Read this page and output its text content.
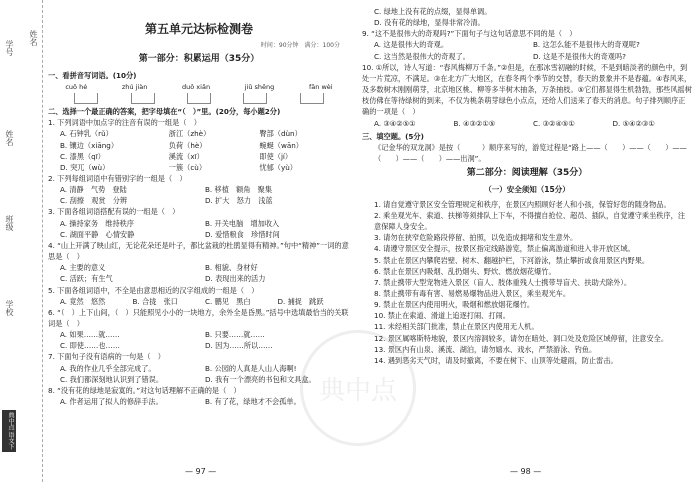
学号
姓名
班级
学校
姓名
典中点 语文下
典中点
第五单元达标检测卷
时间：90分钟　满分：100分
第一部分：积累运用（35分）
一、看拼音写词语。(10分)
cuō hé	zhú jiàn	duǒ xiǎn	jiǔ shēng	fān wèi
二、选择一个最正确的答案，把字母填在“（　）”里。(20分，每小题2分)
1. 下列词语中加点字的注音有误的一组是（　）
A. 石钟乳（rǔ）	浙江（zhè）	臀部（dùn）
B. 镶边（xiāng）	负荷（hè）	蜿蜒（wān）
C. 漆黑（qī）	溪流（xī）	即使（jí）
D. 突兀（wù）	一簇（cù）	忧郁（yù）
2. 下列每组词语中有错别字的一组是（　）
A. 清静　气势　登陆	B. 移植　额角　聚集
C. 刮擦　观赏　分辨	D. 扩大　怒力　浅蓝
3. 下面各组词语搭配有误的一组是（　）
A. 操持家务　维持秩序	B. 开关电脑　增加收入
C. 湖面平静　心情安静	D. 爱惜粮食　珍惜时间
4. “山上开满了映山红，无论花朵还是叶子，都比盆栽的杜鹃显得有精神。”句中“精神”一词的意思是（　）
A. 主要的意义	B. 相貌、身材好
C. 活跃；有生气	D. 表现出来的活力
5. 下面各组词语中，不全是由意思相近的汉字组成的一组是（　）
A. 竟然　悠然	B. 合拢　张口	C. 鹏见　黑白	D. 捕捉　跳跃
6. “（　）上下山间，（　）只能照见小小的一块地方，余外全是昏黑。”括号中选填最恰当的关联词是（　）
A. 如果……就……	B. 只要……就……
C. 即使……也……	D. 因为……所以……
7. 下面句子没有语病的一句是（　）
A. 我的作业几乎全部完成了。	B. 公园的人真是人山人海啊!
C. 我们都深刻地认识到了错误。	D. 我有一个漂亮的书包和文具盒。
8. “没有花的绿地是寂寞的。”对这句话理解不正确的是（　）
A. 作者运用了拟人的修辞手法。	B. 有了花，绿地才不会孤单。
— 97 —
C. 绿地上没有花的点缀，显得单调。
D. 没有花的绿地，显得非常冷清。
9. “这不是很伟大的奇观吗?”下面句子与这句话意思不同的是（　）
A. 这是很伟大的奇观。	B. 这怎么能不是很伟大的奇观呢?
C. 这当然是很伟大的奇观了。	D. 这是不是很伟大的奇观吗?
10. ①所以，诗人写道：“春风梅柳万千条。”②但是，在那冰雪初融的时候，不是到暗淡者的颜色中，到处一片荒凉，不满足。③在北方广大地区，在春冬两个季节的交替，春天的景象并不是春蕴。④春风来，及多数树木刚刚萌芽，北京地区桃、柳等多半树木抽条，万条抽枝。⑤它们都显得生机勃勃，那些风摇树枝仿佛在等待绿树的到来，不仅为桃条萌芽绿色小点点，还给人们送来了春天的消息。句子排列顺序正确的一项是（　）
A. ③④②⑤①	B. ④③②①⑤	C. ③②④⑤①	D. ⑤④②③①
三、填空题。(5分)
《记金华的双龙洞》是按（　　　）顺序来写的，游览过程是“路上——（　　）——（　　）——（　　）——（　　）——出洞”。
第二部分：阅读理解（35分）
（一）安全须知（15分）
1. 请自觉遵守景区安全管理规定和秩序，在景区内照顾好老人和小孩，保管好您的随身物品。
2. 乘坐观光车、索道、扶梯等须排队上下车，不得擅自抢位、超员、插队，自觉遵守乘坐秩序，注意保障人身安全。
3. 请勿在狭窄危险路段停留、拍照，以免造成拥堵和发生意外。
4. 请遵守景区安全提示，按景区指定线路游览，禁止偏离游道和进入非开放区域。
5. 禁止在景区内攀爬岩壁、树木、翻越护栏，下河游泳，禁止攀折或食用景区内野果。
6. 禁止在景区内吸烟、乱扔烟头、野炊、燃放烟花爆竹。
7. 禁止携带大型宠物进入景区（盲人、肢体重残人士携带导盲犬、扶助犬除外）。
8. 禁止携带有毒有害、易燃易爆物品进入景区，乘坐观光车。
9. 禁止在景区内使用明火，吸烟和燃放烟花爆竹。
10. 禁止在索道、滑道上追逐打闹、打闹。
11. 未经相关部门批准，禁止在景区内使用无人机。
12. 景区属喀斯特地貌，景区内溶洞较多，请勿在暗处、洞口处及危险区域停留，注意安全。
13. 景区内有山泉、溪流、湖泊，请勿嬉水、戏水，严禁游泳、钓鱼。
14. 遇到恶劣天气时，请及时撤离，不要在树下、山顶等处避雨，防止雷击。
— 98 —
